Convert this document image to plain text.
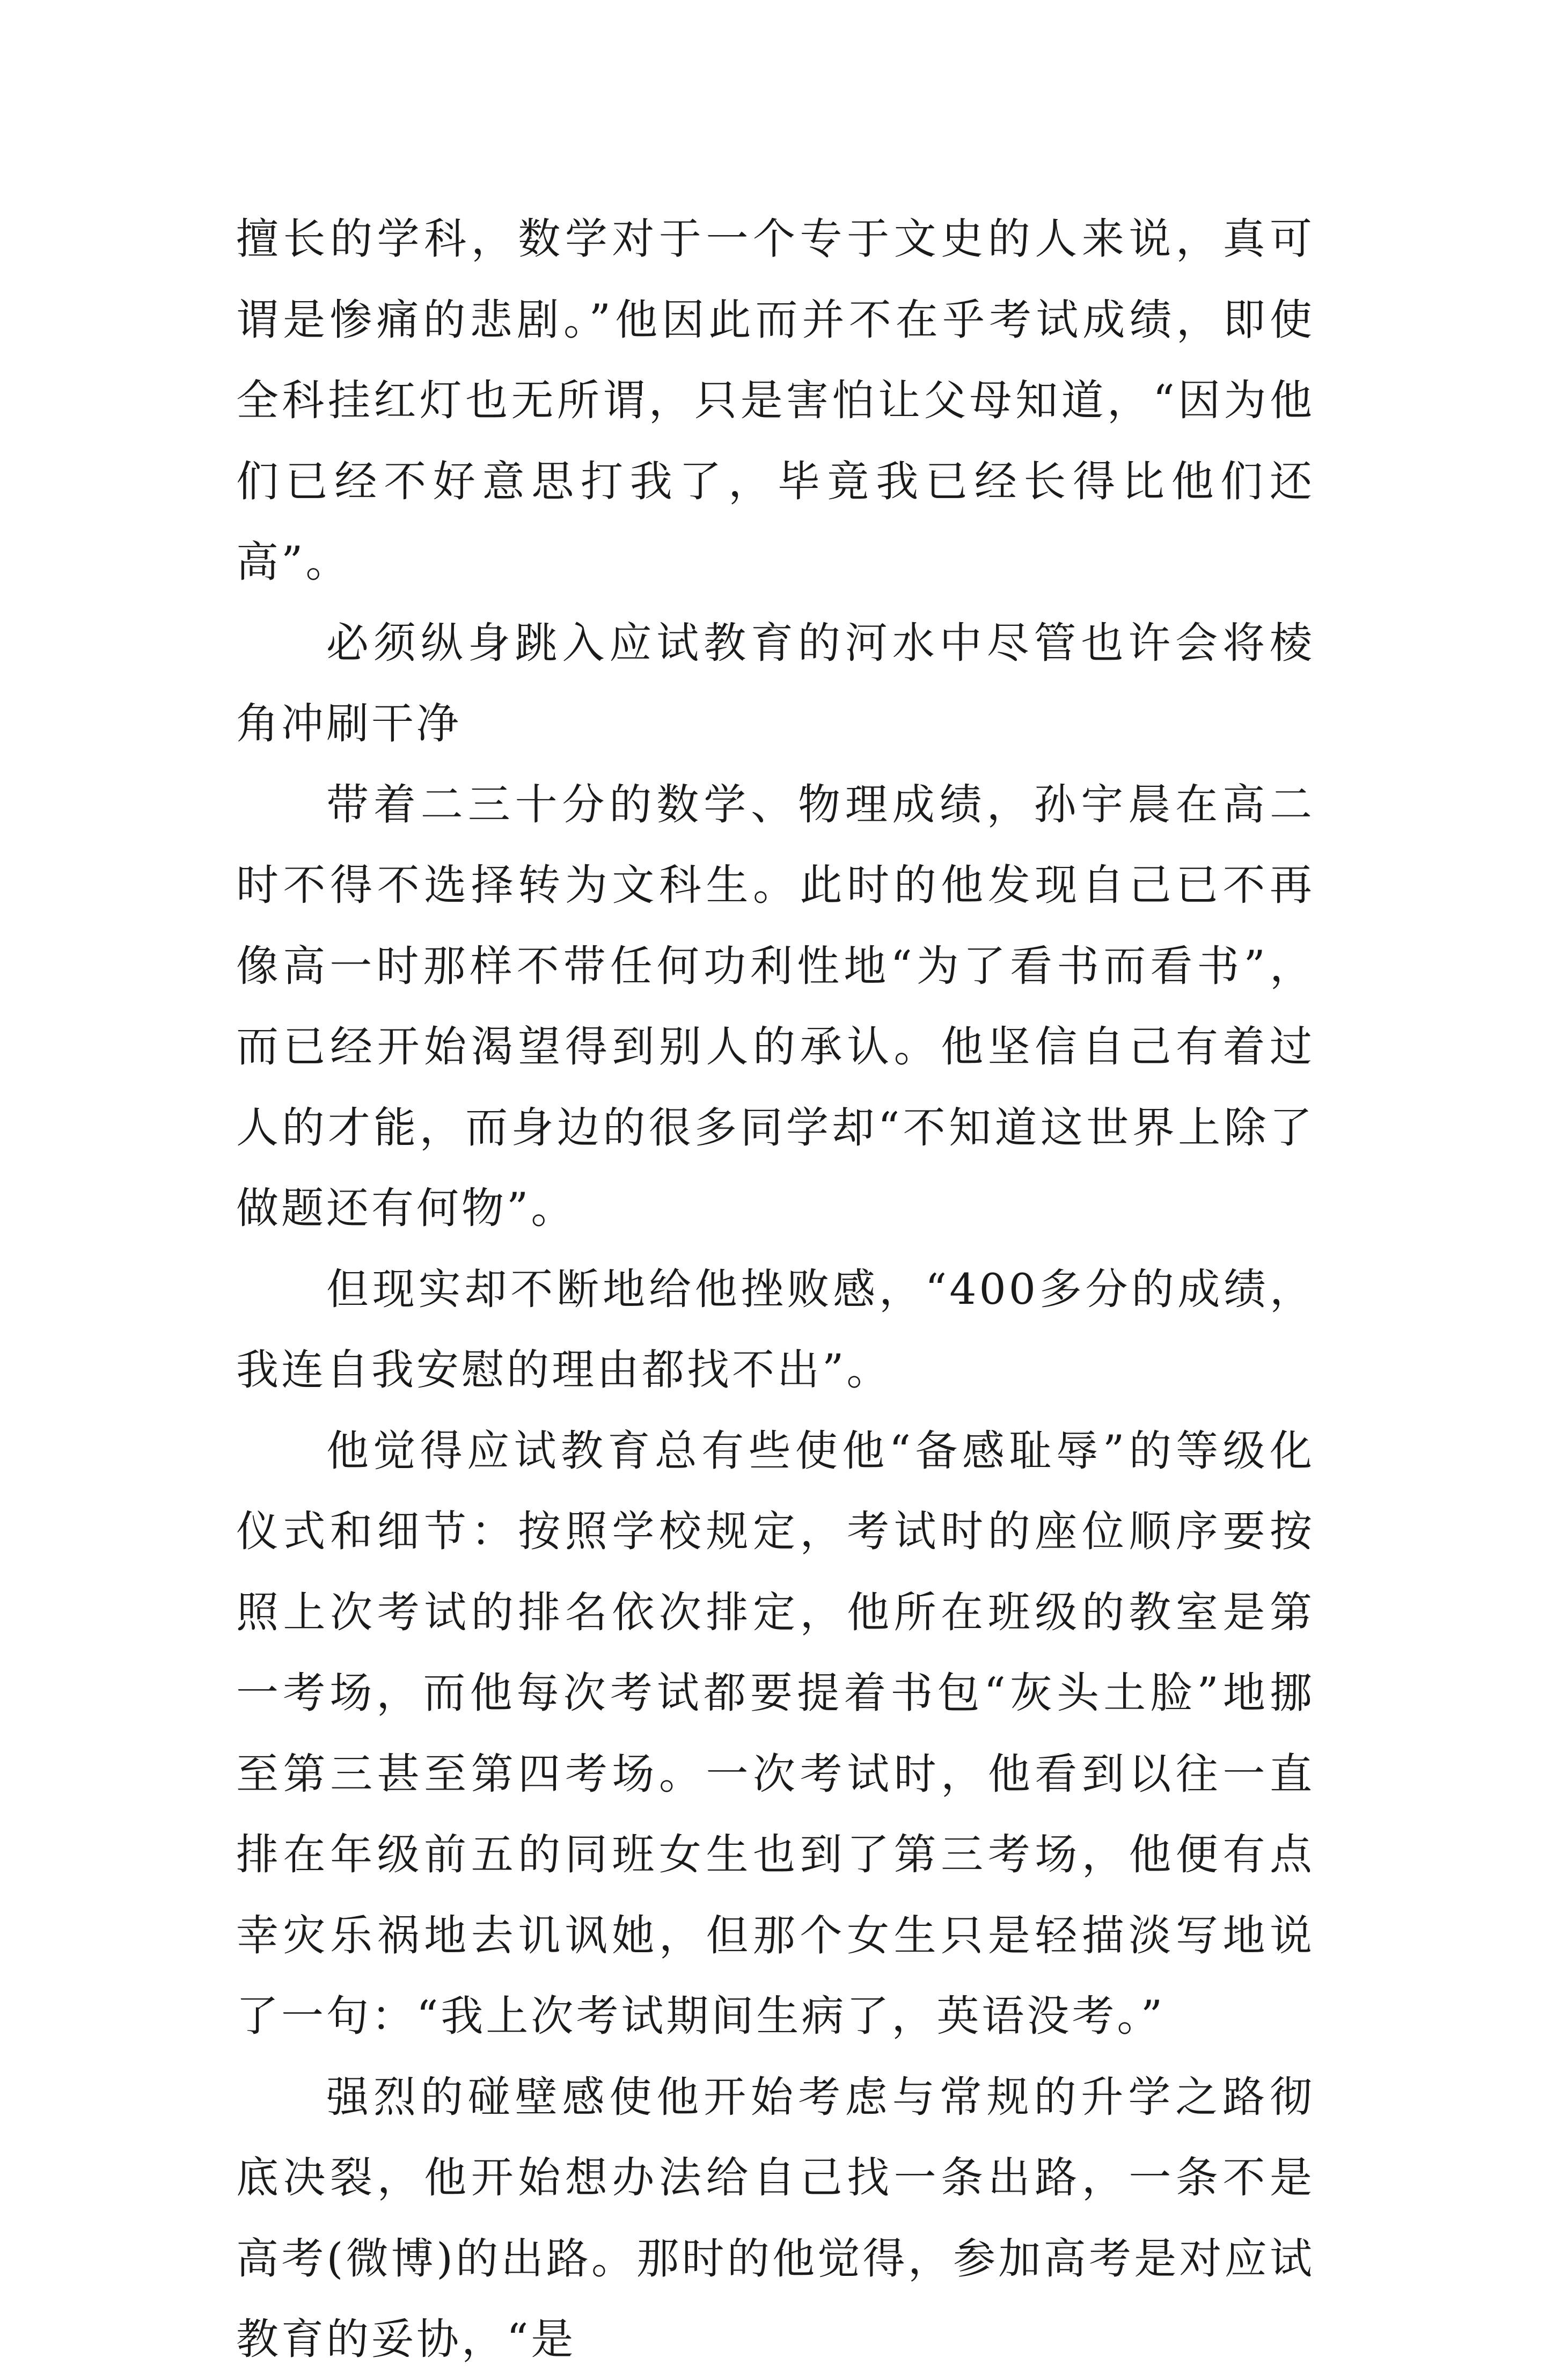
擅长的学科，数学对于一个专于文史的人来说，真可谓是惨痛的悲剧。”他因此而并不在乎考试成绩，即使全科挂红灯也无所谓，只是害怕让父母知道，“因为他们已经不好意思打我了，毕竟我已经长得比他们还高”。

必须纵身跳入应试教育的河水中尽管也许会将棱角冲刷干净

带着二三十分的数学、物理成绩，孙宇晨在高二时不得不选择转为文科生。此时的他发现自己已不再像高一时那样不带任何功利性地“为了看书而看书”，而已经开始渴望得到别人的承认。他坚信自己有着过人的才能，而身边的很多同学却“不知道这世界上除了做题还有何物”。

但现实却不断地给他挫败感，“400多分的成绩，我连自我安慰的理由都找不出”。

他觉得应试教育总有些使他“备感耻辱”的等级化仪式和细节：按照学校规定，考试时的座位顺序要按照上次考试的排名依次排定，他所在班级的教室是第一考场，而他每次考试都要提着书包“灰头土脸”地挪至第三甚至第四考场。一次考试时，他看到以往一直排在年级前五的同班女生也到了第三考场，他便有点幸灾乐祸地去讥讽她，但那个女生只是轻描淡写地说了一句：“我上次考试期间生病了，英语没考。”

强烈的碰壁感使他开始考虑与常规的升学之路彻底决裂，他开始想办法给自己找一条出路，一条不是高考(微博)的出路。那时的他觉得，参加高考是对应试教育的妥协，“是
